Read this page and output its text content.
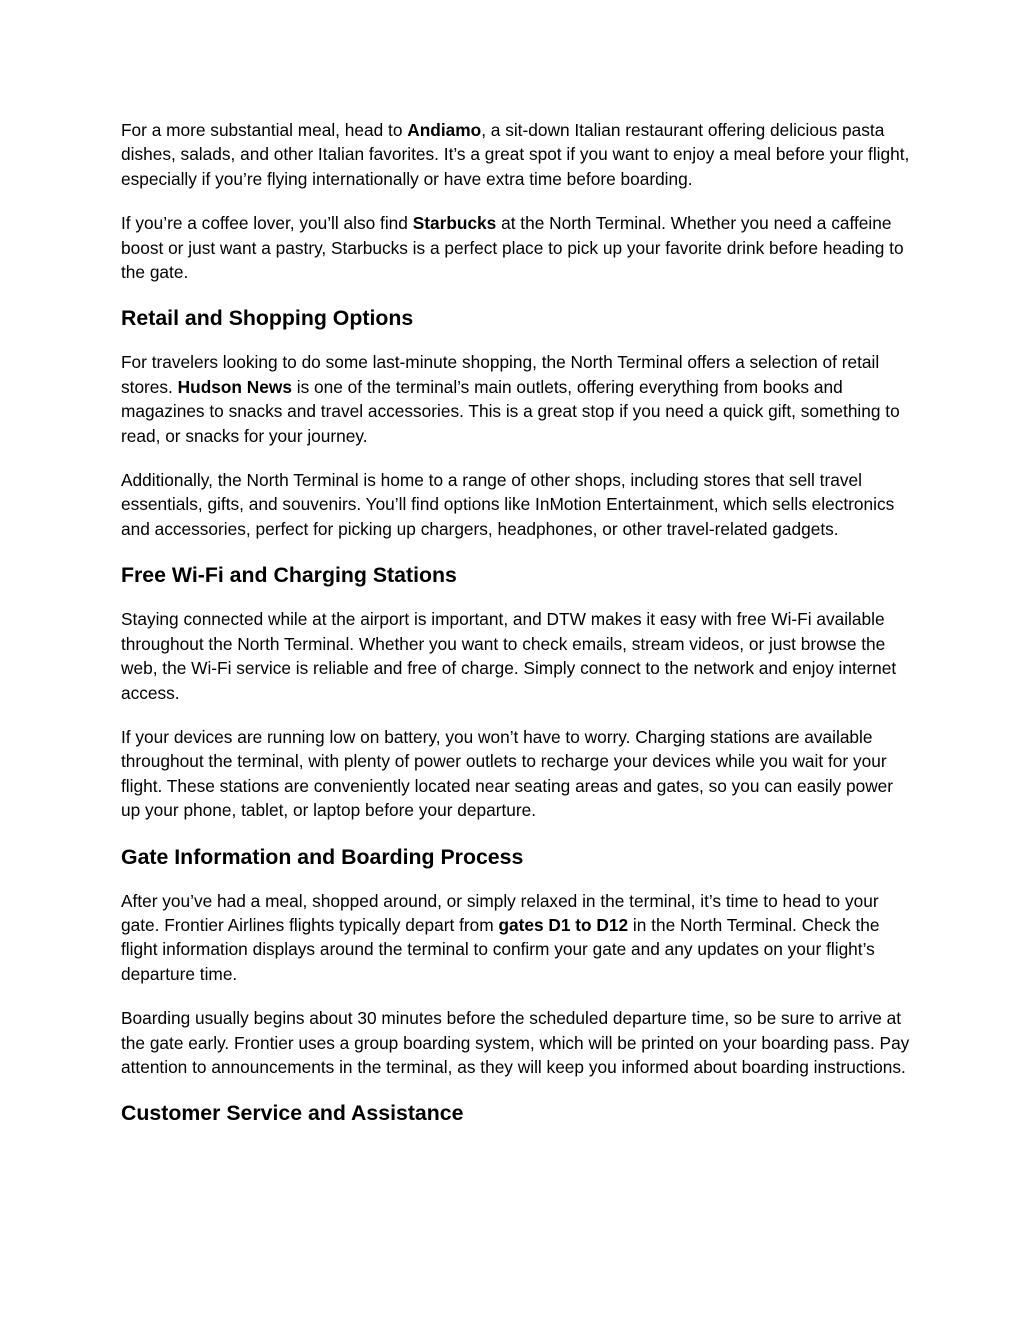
For a more substantial meal, head to Andiamo, a sit-down Italian restaurant offering delicious pasta dishes, salads, and other Italian favorites. It’s a great spot if you want to enjoy a meal before your flight, especially if you’re flying internationally or have extra time before boarding.

If you’re a coffee lover, you’ll also find Starbucks at the North Terminal. Whether you need a caffeine boost or just want a pastry, Starbucks is a perfect place to pick up your favorite drink before heading to the gate.

Retail and Shopping Options

For travelers looking to do some last-minute shopping, the North Terminal offers a selection of retail stores. Hudson News is one of the terminal’s main outlets, offering everything from books and magazines to snacks and travel accessories. This is a great stop if you need a quick gift, something to read, or snacks for your journey.

Additionally, the North Terminal is home to a range of other shops, including stores that sell travel essentials, gifts, and souvenirs. You’ll find options like InMotion Entertainment, which sells electronics and accessories, perfect for picking up chargers, headphones, or other travel-related gadgets.

Free Wi-Fi and Charging Stations

Staying connected while at the airport is important, and DTW makes it easy with free Wi-Fi available throughout the North Terminal. Whether you want to check emails, stream videos, or just browse the web, the Wi-Fi service is reliable and free of charge. Simply connect to the network and enjoy internet access.

If your devices are running low on battery, you won’t have to worry. Charging stations are available throughout the terminal, with plenty of power outlets to recharge your devices while you wait for your flight. These stations are conveniently located near seating areas and gates, so you can easily power up your phone, tablet, or laptop before your departure.

Gate Information and Boarding Process

After you’ve had a meal, shopped around, or simply relaxed in the terminal, it’s time to head to your gate. Frontier Airlines flights typically depart from gates D1 to D12 in the North Terminal. Check the flight information displays around the terminal to confirm your gate and any updates on your flight’s departure time.

Boarding usually begins about 30 minutes before the scheduled departure time, so be sure to arrive at the gate early. Frontier uses a group boarding system, which will be printed on your boarding pass. Pay attention to announcements in the terminal, as they will keep you informed about boarding instructions.

Customer Service and Assistance
